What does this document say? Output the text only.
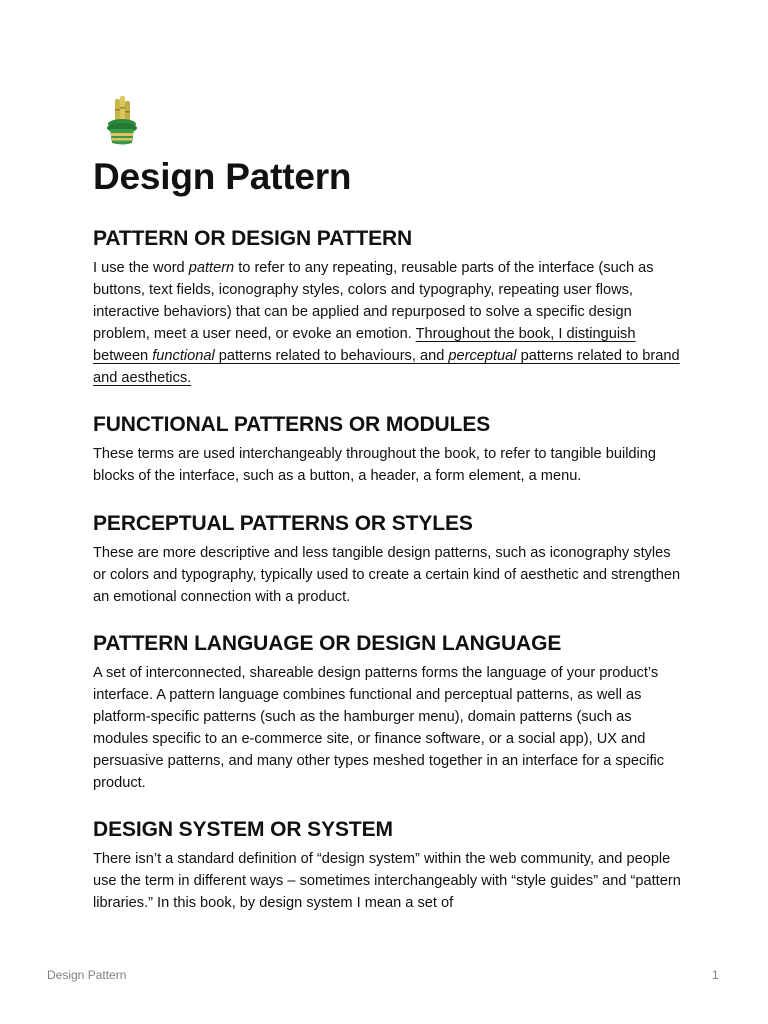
Design Pattern
PATTERN OR DESIGN PATTERN

I use the word pattern to refer to any repeating, reusable parts of the interface (such as buttons, text fields, iconography styles, colors and typography, repeating user flows, interactive behaviors) that can be applied and repurposed to solve a specific design problem, meet a user need, or evoke an emotion. Throughout the book, I distinguish between functional patterns related to behaviours, and perceptual patterns related to brand and aesthetics.

FUNCTIONAL PATTERNS OR MODULES

These terms are used interchangeably throughout the book, to refer to tangible building blocks of the interface, such as a button, a header, a form element, a menu.

PERCEPTUAL PATTERNS OR STYLES

These are more descriptive and less tangible design patterns, such as iconography styles or colors and typography, typically used to create a certain kind of aesthetic and strengthen an emotional connection with a product.

PATTERN LANGUAGE OR DESIGN LANGUAGE

A set of interconnected, shareable design patterns forms the language of your product’s interface. A pattern language combines functional and perceptual patterns, as well as platform-specific patterns (such as the hamburger menu), domain patterns (such as modules specific to an e-commerce site, or finance software, or a social app), UX and persuasive patterns, and many other types meshed together in an interface for a specific product.

DESIGN SYSTEM OR SYSTEM

There isn’t a standard definition of “design system” within the web community, and people use the term in different ways – sometimes interchangeably with “style guides” and “pattern libraries.” In this book, by design system I mean a set of

Design Pattern	1
